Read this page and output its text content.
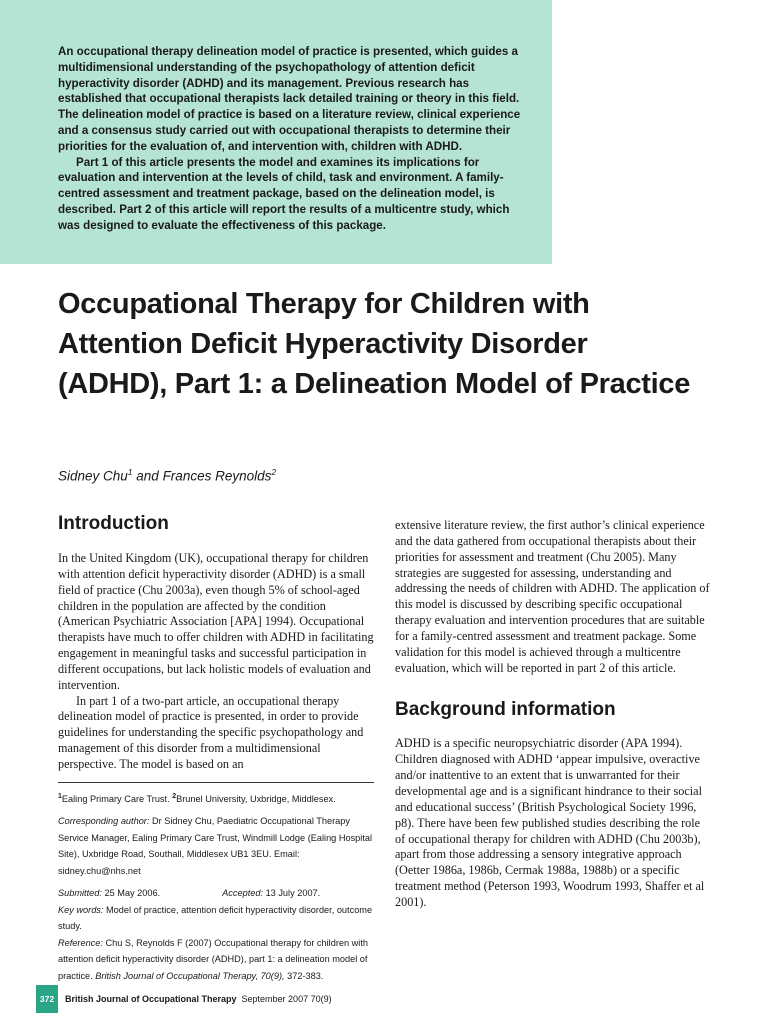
An occupational therapy delineation model of practice is presented, which guides a multidimensional understanding of the psychopathology of attention deficit hyperactivity disorder (ADHD) and its management. Previous research has established that occupational therapists lack detailed training or theory in this field. The delineation model of practice is based on a literature review, clinical experience and a consensus study carried out with occupational therapists to determine their priorities for the evaluation of, and intervention with, children with ADHD.

Part 1 of this article presents the model and examines its implications for evaluation and intervention at the levels of child, task and environment. A family-centred assessment and treatment package, based on the delineation model, is described. Part 2 of this article will report the results of a multicentre study, which was designed to evaluate the effectiveness of this package.

Occupational Therapy for Children with Attention Deficit Hyperactivity Disorder (ADHD), Part 1: a Delineation Model of Practice
Sidney Chu$^1$ and Frances Reynolds$^2$
Introduction

In the United Kingdom (UK), occupational therapy for children with attention deficit hyperactivity disorder (ADHD) is a small field of practice (Chu 2003a), even though 5% of school-aged children in the population are affected by the condition (American Psychiatric Association [APA] 1994). Occupational therapists have much to offer children with ADHD in facilitating engagement in meaningful tasks and successful participation in different occupations, but lack holistic models of evaluation and intervention.

In part 1 of a two-part article, an occupational therapy delineation model of practice is presented, in order to provide guidelines for understanding the specific psychopathology and management of this disorder from a multidimensional perspective. The model is based on an

$^1$Ealing Primary Care Trust. $^2$Brunel University, Uxbridge, Middlesex.
Corresponding author: Dr Sidney Chu, Paediatric Occupational Therapy Service Manager, Ealing Primary Care Trust, Windmill Lodge (Ealing Hospital Site), Uxbridge Road, Southall, Middlesex UB1 3EU. Email: sidney.chu@nhs.net
Submitted: 25 May 2006.	Accepted: 13 July 2007.
Key words: Model of practice, attention deficit hyperactivity disorder, outcome study.
Reference: Chu S, Reynolds F (2007) Occupational therapy for children with attention deficit hyperactivity disorder (ADHD), part 1: a delineation model of practice. British Journal of Occupational Therapy, 70(9), 372-383.

extensive literature review, the first author’s clinical experience and the data gathered from occupational therapists about their priorities for assessment and treatment (Chu 2005). Many strategies are suggested for assessing, understanding and addressing the needs of children with ADHD. The application of this model is discussed by describing specific occupational therapy evaluation and intervention procedures that are suitable for a family-centred assessment and treatment package. Some validation for this model is achieved through a multicentre evaluation, which will be reported in part 2 of this article.

Background information

ADHD is a specific neuropsychiatric disorder (APA 1994). Children diagnosed with ADHD ‘appear impulsive, overactive and/or inattentive to an extent that is unwarranted for their developmental age and is a significant hindrance to their social and educational success’ (British Psychological Society 1996, p8). There have been few published studies describing the role of occupational therapy for children with ADHD (Chu 2003b), apart from those addressing a sensory integrative approach (Oetter 1986a, 1986b, Cermak 1988a, 1988b) or a specific treatment method (Peterson 1993, Woodrum 1993, Shaffer et al 2001).

372	British Journal of Occupational Therapy September 2007 70(9)
